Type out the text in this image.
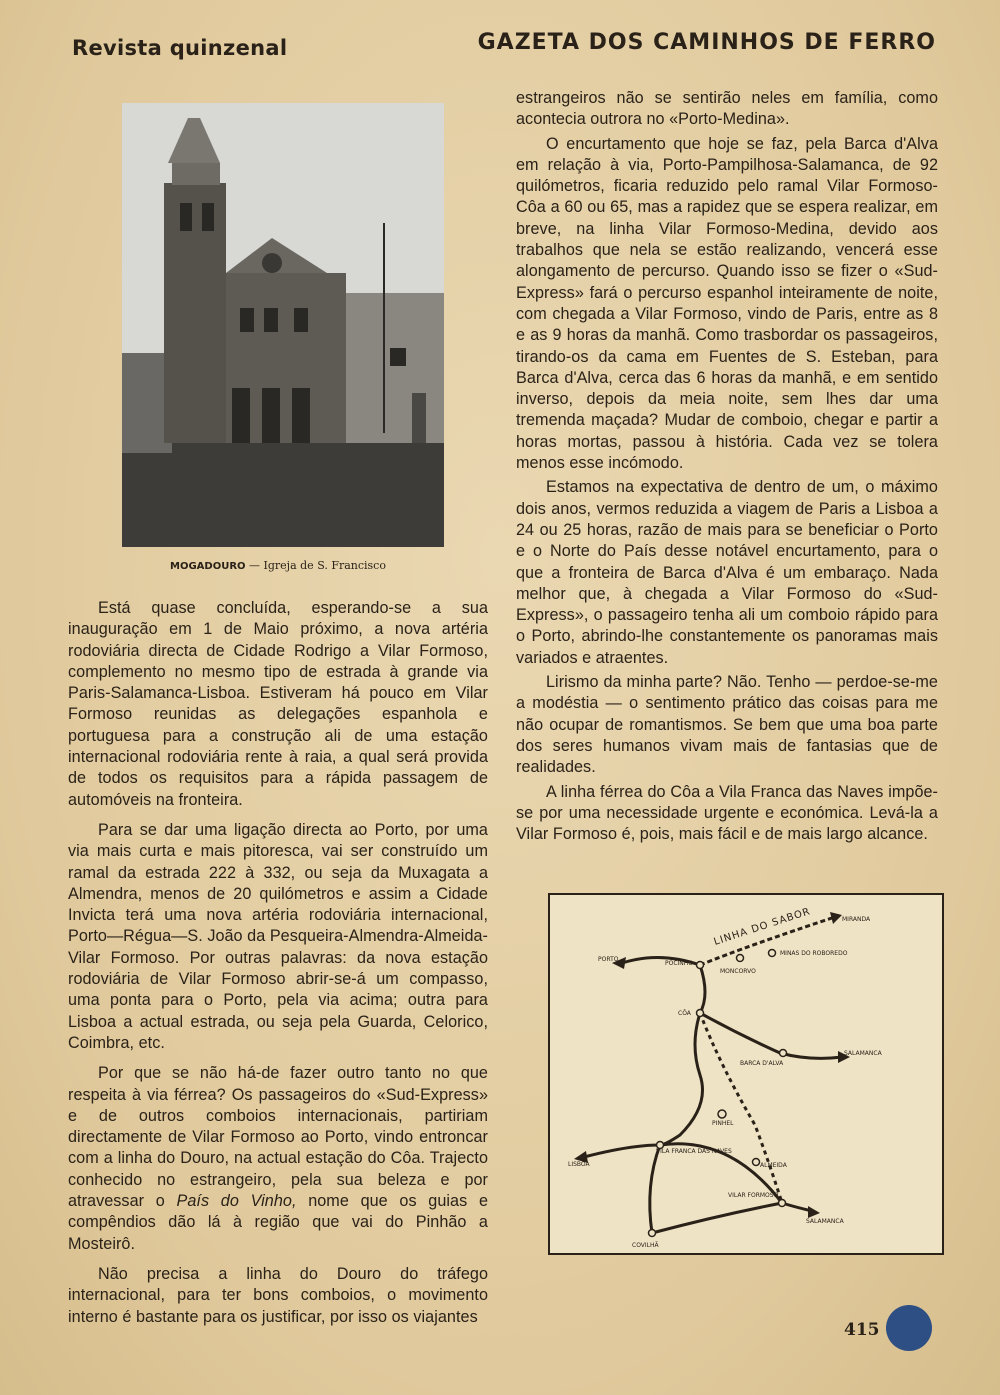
Revista quinzenal	GAZETA DOS CAMINHOS DE FERRO
MOGADOURO — Igreja de S. Francisco

Está quase concluída, esperando-se a sua inauguração em 1 de Maio próximo, a nova artéria rodoviária directa de Cidade Rodrigo a Vilar Formoso, complemento no mesmo tipo de estrada à grande via Paris-Salamanca-Lisboa. Estiveram há pouco em Vilar Formoso reunidas as delegações espanhola e portuguesa para a construção ali de uma estação internacional rodoviária rente à raia, a qual será provida de todos os requisitos para a rápida passagem de automóveis na fronteira.

Para se dar uma ligação directa ao Porto, por uma via mais curta e mais pitoresca, vai ser construído um ramal da estrada 222 à 332, ou seja da Muxagata a Almendra, menos de 20 quilómetros e assim a Cidade Invicta terá uma nova artéria rodoviária internacional, Porto—Régua—S. João da Pesqueira-Almendra-Almeida-Vilar Formoso. Por outras palavras: da nova estação rodoviária de Vilar Formoso abrir-se-á um compasso, uma ponta para o Porto, pela via acima; outra para Lisboa a actual estrada, ou seja pela Guarda, Celorico, Coimbra, etc.

Por que se não há-de fazer outro tanto no que respeita à via férrea? Os passageiros do «Sud-Express» e de outros comboios internacionais, partiriam directamente de Vilar Formoso ao Porto, vindo entroncar com a linha do Douro, na actual estação do Côa. Trajecto conhecido no estrangeiro, pela sua beleza e por atravessar o País do Vinho, nome que os guias e compêndios dão lá à região que vai do Pinhão a Mosteirô.

Não precisa a linha do Douro do tráfego internacional, para ter bons comboios, o movimento interno é bastante para os justificar, por isso os viajantes

estrangeiros não se sentirão neles em família, como acontecia outrora no «Porto-Medina».

O encurtamento que hoje se faz, pela Barca d'Alva em relação à via, Porto-Pampilhosa-Salamanca, de 92 quilómetros, ficaria reduzido pelo ramal Vilar Formoso-Côa a 60 ou 65, mas a rapidez que se espera realizar, em breve, na linha Vilar Formoso-Medina, devido aos trabalhos que nela se estão realizando, vencerá esse alongamento de percurso. Quando isso se fizer o «Sud-Express» fará o percurso espanhol inteiramente de noite, com chegada a Vilar Formoso, vindo de Paris, entre as 8 e as 9 horas da manhã. Como trasbordar os passageiros, tirando-os da cama em Fuentes de S. Esteban, para Barca d'Alva, cerca das 6 horas da manhã, e em sentido inverso, depois da meia noite, sem lhes dar uma tremenda maçada? Mudar de comboio, chegar e partir a horas mortas, passou à história. Cada vez se tolera menos esse incómodo.

Estamos na expectativa de dentro de um, o máximo dois anos, vermos reduzida a viagem de Paris a Lisboa a 24 ou 25 horas, razão de mais para se beneficiar o Porto e o Norte do País desse notável encurtamento, para o que a fronteira de Barca d'Alva é um embaraço. Nada melhor que, à chegada a Vilar Formoso do «Sud-Express», o passageiro tenha ali um comboio rápido para o Porto, abrindo-lhe constantemente os panoramas mais variados e atraentes.

Lirismo da minha parte? Não. Tenho — perdoe-se-me a modéstia — o sentimento prático das coisas para me não ocupar de romantismos. Se bem que uma boa parte dos seres humanos vivam mais de fantasias que de realidades.

A linha férrea do Côa a Vila Franca das Naves impõe-se por uma necessidade urgente e económica. Levá-la a Vilar Formoso é, pois, mais fácil e de mais largo alcance.

LINHA DO SABOR	MIRANDA
PORTO
POCINHO
MONCORVO
MINAS DO ROBOREDO
CÔA
BARCA D'ALVA
SALAMANCA
PINHEL
LISBOA
VILA FRANCA DAS NAVES
ALMEIDA
VILAR FORMOSO
SALAMANCA
COVILHÃ
415
